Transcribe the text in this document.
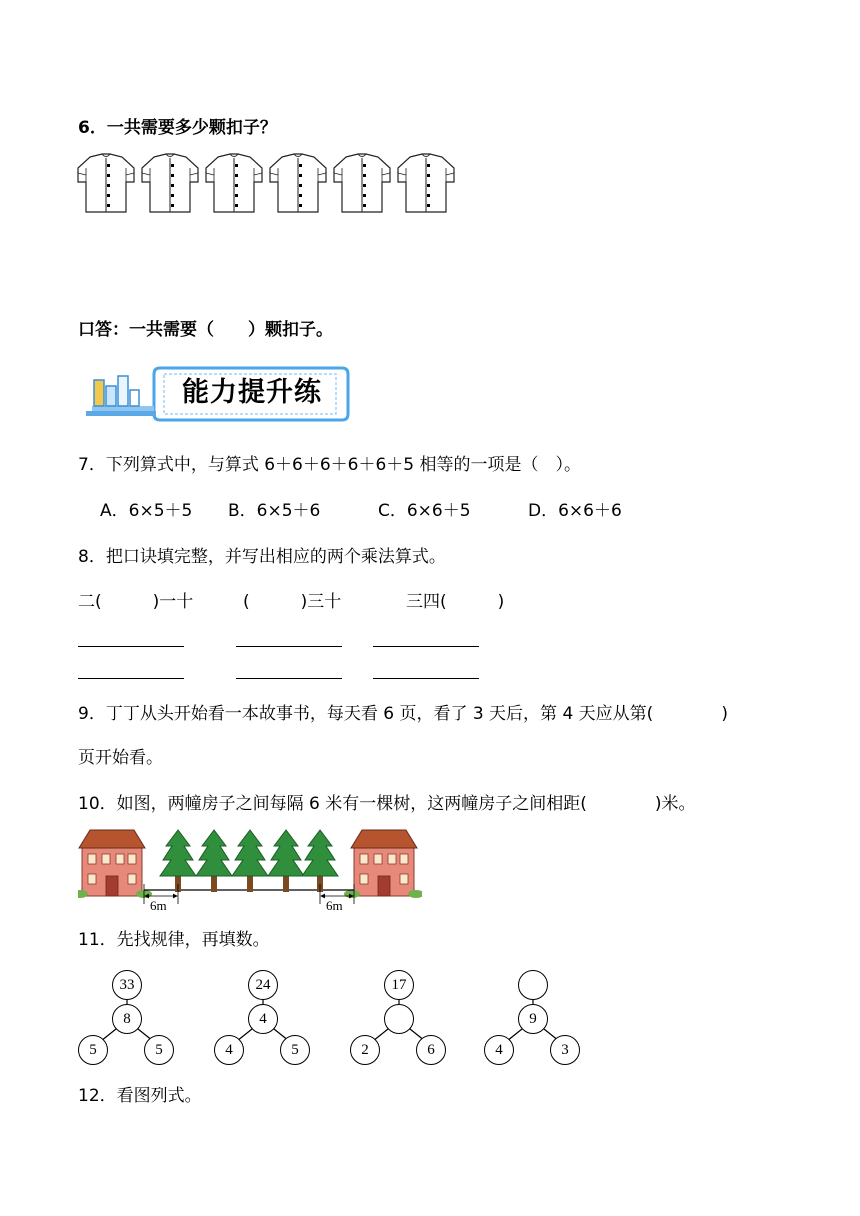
6．一共需要多少颗扣子？
口答：一共需要（　　）颗扣子。
能力提升练
7．下列算式中，与算式 6＋6＋6＋6＋6＋5 相等的一项是（　）。
A．6×5＋5 B．6×5＋6	C．6×6＋5	D．6×6＋6
8．把口诀填完整，并写出相应的两个乘法算式。
二(　　　)一十	(　　　)三十	三四(　　　)
9．丁丁从头开始看一本故事书，每天看 6 页，看了 3 天后，第 4 天应从第(　　　　)
页开始看。
10．如图，两幢房子之间每隔 6 米有一棵树，这两幢房子之间相距(　　　　)米。
6m	6m
11．先找规律，再填数。
33
8
5	5
24
4
4	5
17
2	6
9
4	3
12．看图列式。
